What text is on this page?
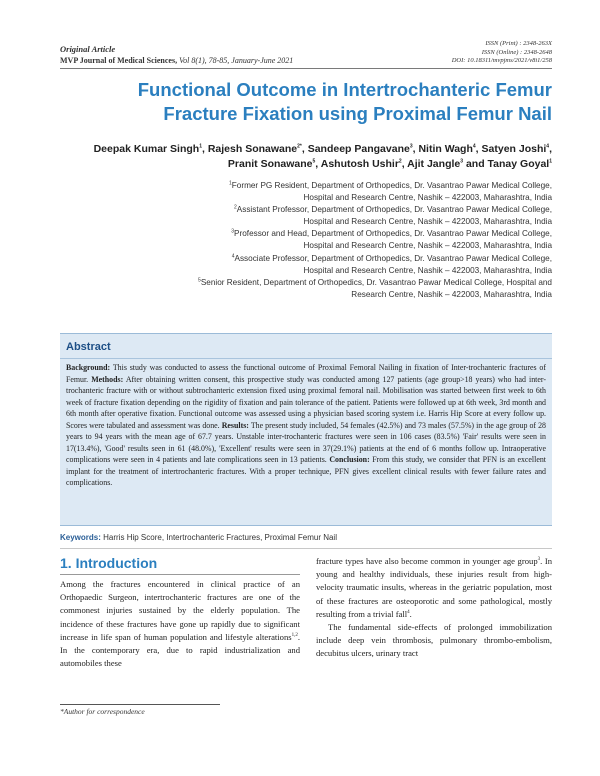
Original Article
MVP Journal of Medical Sciences, Vol 8(1), 78-85, January-June 2021
ISSN (Print) : 2348-263X
ISSN (Online) : 2348-2648
DOI: 10.18311/mvpjms/2021/v8i1/258
Functional Outcome in Intertrochanteric Femur
Fracture Fixation using Proximal Femur Nail
Deepak Kumar Singh$^1$, Rajesh Sonawane$^{2*}$, Sandeep Pangavane$^3$, Nitin Wagh$^4$, Satyen Joshi$^4$,
Pranit Sonawane$^5$, Ashutosh Ushir$^2$, Ajit Jangle$^3$ and Tanay Goyal$^1$
$^1$Former PG Resident, Department of Orthopedics, Dr. Vasantrao Pawar Medical College,
Hospital and Research Centre, Nashik – 422003, Maharashtra, India
$^2$Assistant Professor, Department of Orthopedics, Dr. Vasantrao Pawar Medical College,
Hospital and Research Centre, Nashik – 422003, Maharashtra, India
$^3$Professor and Head, Department of Orthopedics, Dr. Vasantrao Pawar Medical College,
Hospital and Research Centre, Nashik – 422003, Maharashtra, India
$^4$Associate Professor, Department of Orthopedics, Dr. Vasantrao Pawar Medical College,
Hospital and Research Centre, Nashik – 422003, Maharashtra, India
$^5$Senior Resident, Department of Orthopedics, Dr. Vasantrao Pawar Medical College, Hospital and
Research Centre, Nashik – 422003, Maharashtra, India
Abstract
Background: This study was conducted to assess the functional outcome of Proximal Femoral Nailing in fixation of Inter-trochanteric fractures of Femur. Methods: After obtaining written consent, this prospective study was conducted among 127 patients (age group>18 years) who had inter-trochanteric fracture with or without subtrochanteric extension fixed using proximal femoral nail. Mobilisation was started between first week to 6th week of fracture fixation depending on the rigidity of fixation and pain tolerance of the patient. Patients were followed up at 6th week, 3rd month and 6th month after operative fixation. Functional outcome was assessed using a physician based scoring system i.e. Harris Hip Score at every follow up. Scores were tabulated and assessment was done. Results: The present study included, 54 females (42.5%) and 73 males (57.5%) in the age group of 28 years to 94 years with the mean age of 67.7 years. Unstable inter-trochanteric fractures were seen in 106 cases (83.5%) 'Fair' results were seen in 17(13.4%), 'Good' results seen in 61 (48.0%), 'Excellent' results were seen in 37(29.1%) patients at the end of 6 months follow up. Intraoperative complications were seen in 4 patients and late complications seen in 13 patients. Conclusion: From this study, we consider that PFN is an excellent implant for the treatment of intertrochanteric fractures. With a proper technique, PFN gives excellent clinical results with fewer failure rates and complications.
Keywords: Harris Hip Score, Intertrochanteric Fractures, Proximal Femur Nail
1. Introduction

Among the fractures encountered in clinical practice of an Orthopaedic Surgeon, intertrochanteric fractures are one of the commonest injuries sustained by the elderly population. The incidence of these fractures have gone up rapidly due to significant increase in life span of human population and lifestyle alterations$^{1,2}$. In the contemporary era, due to rapid industrialization and automobiles these

fracture types have also become common in younger age group$^3$. In young and healthy individuals, these injuries result from high-velocity traumatic insults, whereas in the geriatric population, most of these fractures are osteoporotic and some pathological, mostly resulting from a trivial fall$^4$.

The fundamental side-effects of prolonged immobilization include deep vein thrombosis, pulmonary thrombo-embolism, decubitus ulcers, urinary tract

*Author for correspondence
